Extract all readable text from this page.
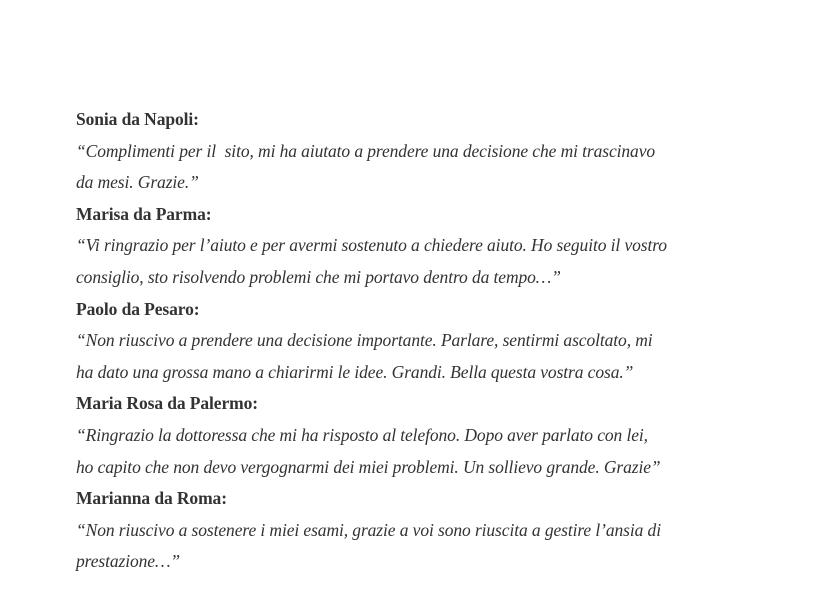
Sonia da Napoli:
“Complimenti per il  sito, mi ha aiutato a prendere una decisione che mi trascinavo
da mesi. Grazie.”
Marisa da Parma:
“Vi ringrazio per l’aiuto e per avermi sostenuto a chiedere aiuto. Ho seguito il vostro
consiglio, sto risolvendo problemi che mi portavo dentro da tempo…”
Paolo da Pesaro:
“Non riuscivo a prendere una decisione importante. Parlare, sentirmi ascoltato, mi
ha dato una grossa mano a chiarirmi le idee. Grandi. Bella questa vostra cosa.”
Maria Rosa da Palermo:
“Ringrazio la dottoressa che mi ha risposto al telefono. Dopo aver parlato con lei,
ho capito che non devo vergognarmi dei miei problemi. Un sollievo grande. Grazie”
Marianna da Roma:
“Non riuscivo a sostenere i miei esami, grazie a voi sono riuscita a gestire l’ansia di
prestazione…”
